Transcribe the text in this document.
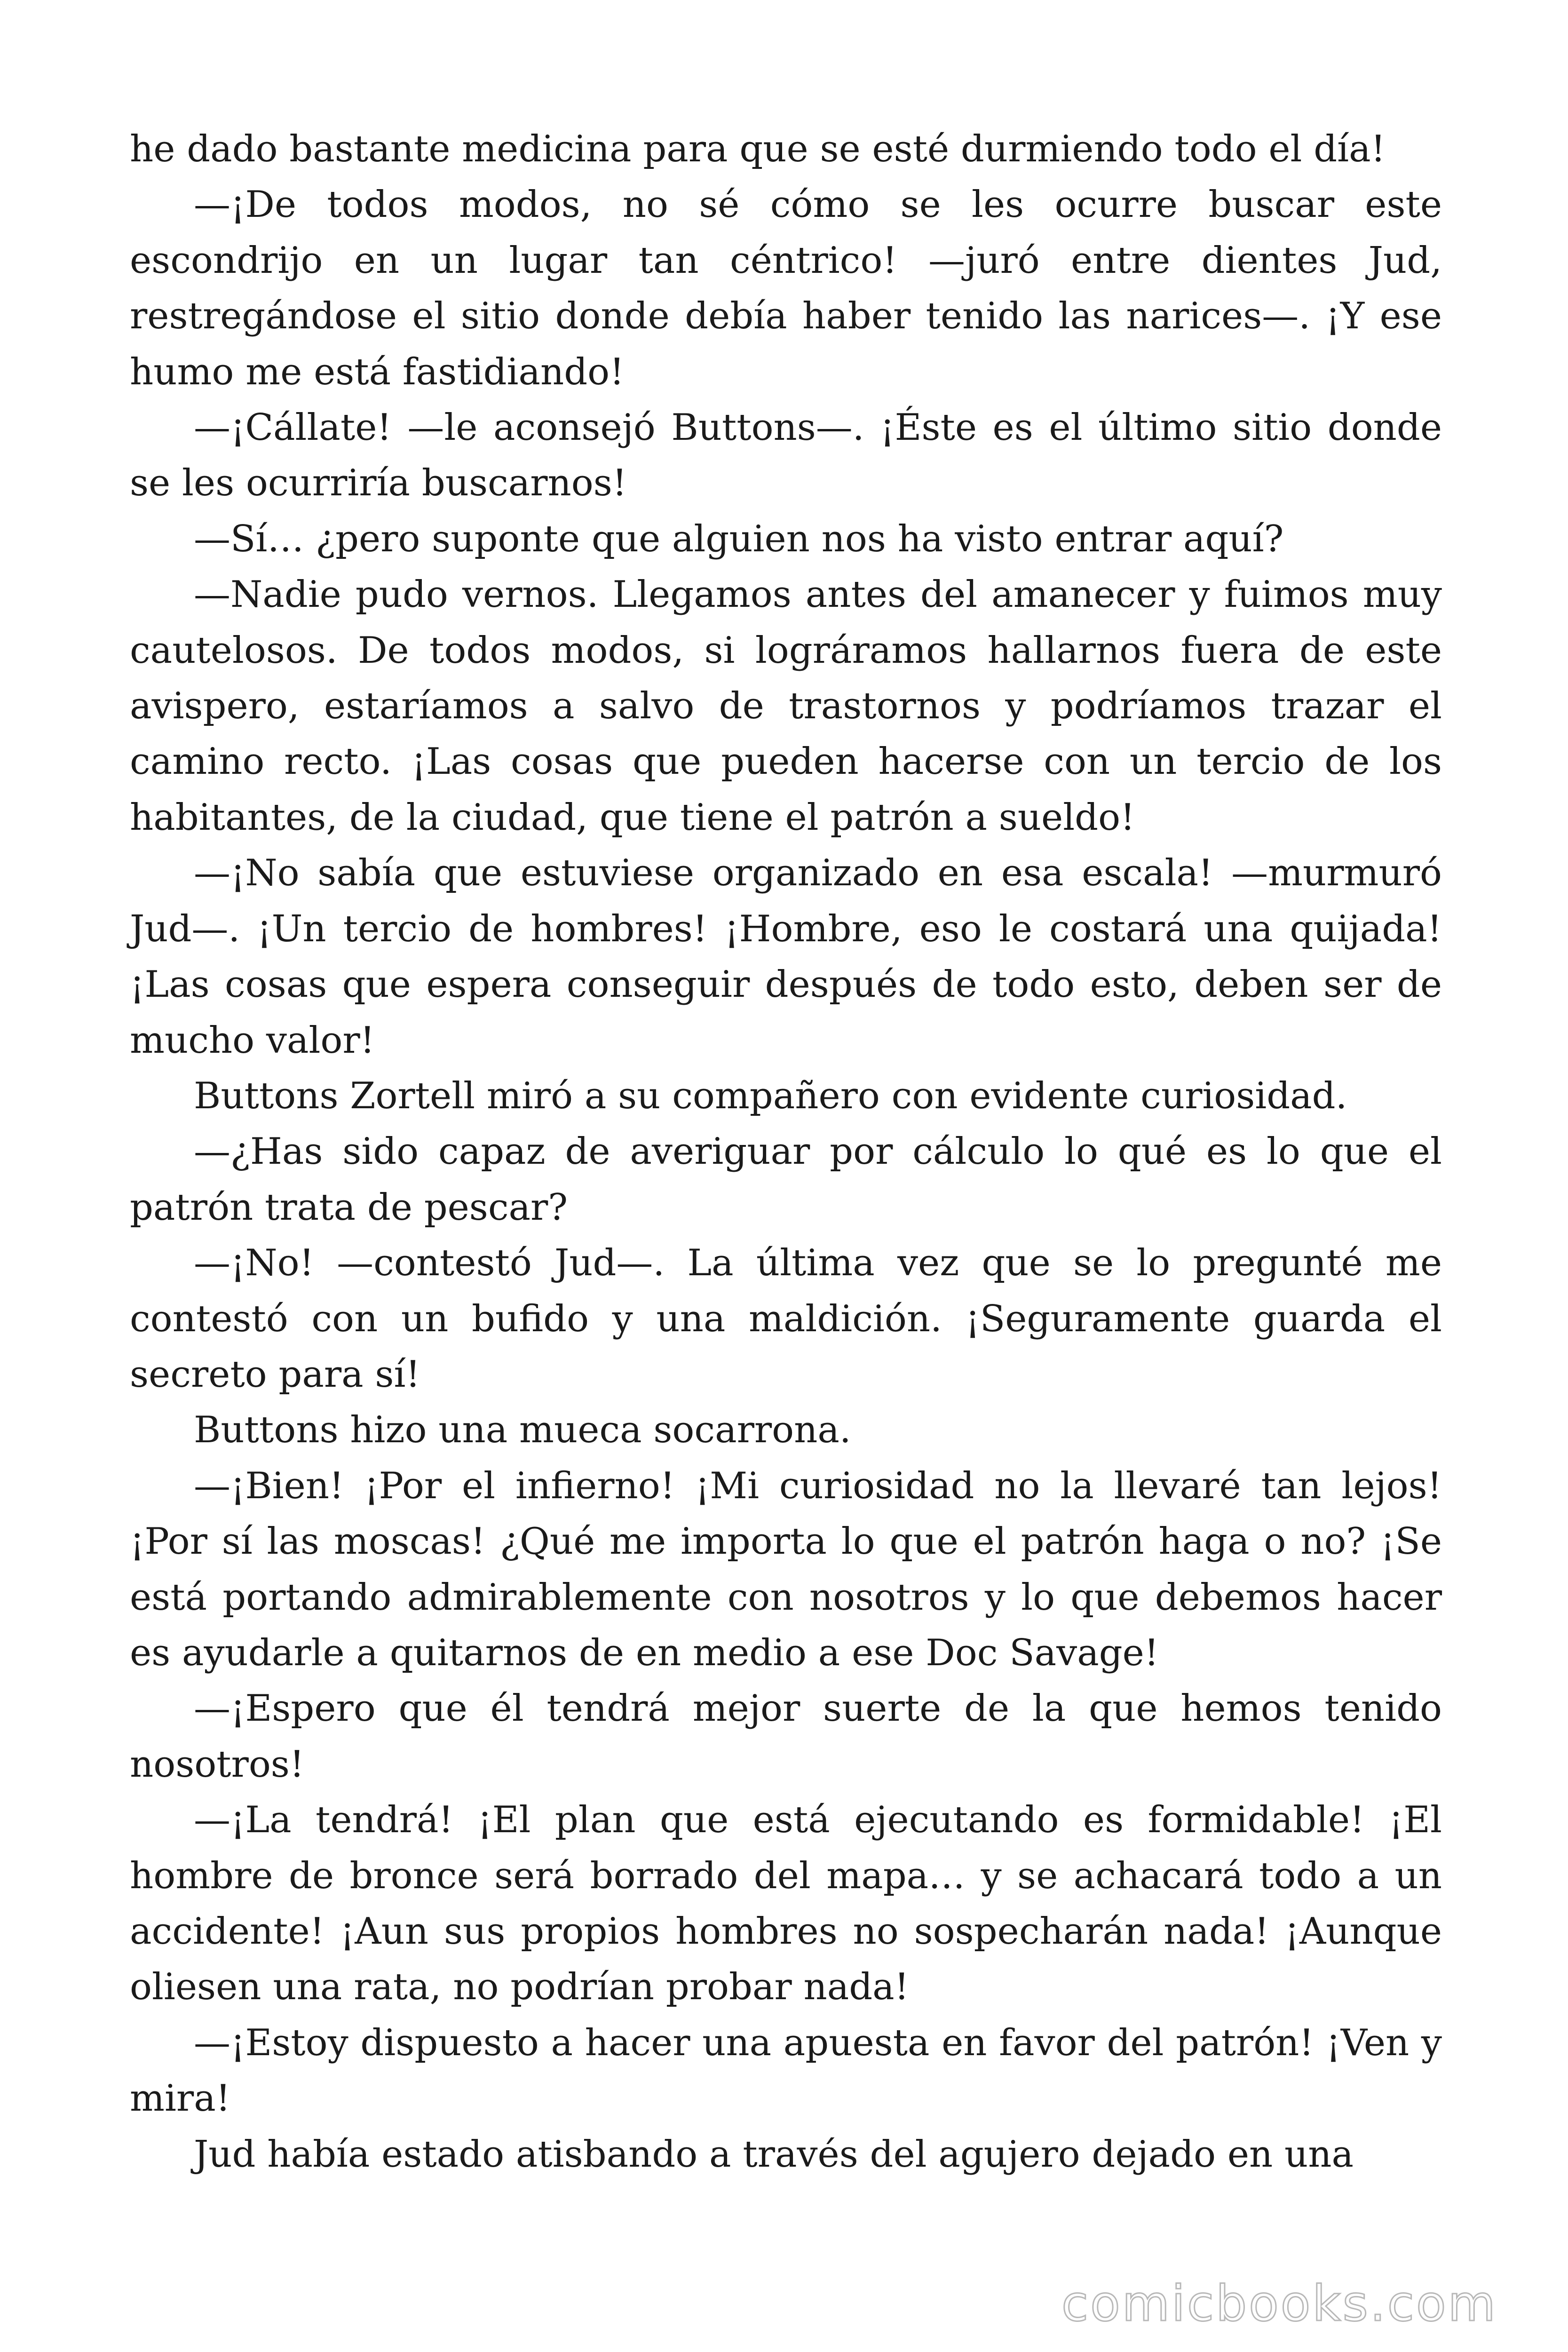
he dado bastante medicina para que se esté durmiendo todo el día!

—¡De todos modos, no sé cómo se les ocurre buscar este escondrijo en un lugar tan céntrico! —juró entre dientes Jud, restregándose el sitio donde debía haber tenido las narices—. ¡Y ese humo me está fastidiando!

—¡Cállate! —le aconsejó Buttons—. ¡Éste es el último sitio donde se les ocurriría buscarnos!

—Sí… ¿pero suponte que alguien nos ha visto entrar aquí?

—Nadie pudo vernos. Llegamos antes del amanecer y fuimos muy cautelosos. De todos modos, si lográramos hallarnos fuera de este avispero, estaríamos a salvo de trastornos y podríamos trazar el camino recto. ¡Las cosas que pueden hacerse con un tercio de los habitantes, de la ciudad, que tiene el patrón a sueldo!

—¡No sabía que estuviese organizado en esa escala! —murmuró Jud—. ¡Un tercio de hombres! ¡Hombre, eso le costará una quijada! ¡Las cosas que espera conseguir después de todo esto, deben ser de mucho valor!

Buttons Zortell miró a su compañero con evidente curiosidad.

—¿Has sido capaz de averiguar por cálculo lo qué es lo que el patrón trata de pescar?

—¡No! —contestó Jud—. La última vez que se lo pregunté me contestó con un bufido y una maldición. ¡Seguramente guarda el secreto para sí!

Buttons hizo una mueca socarrona.

—¡Bien! ¡Por el infierno! ¡Mi curiosidad no la llevaré tan lejos! ¡Por sí las moscas! ¿Qué me importa lo que el patrón haga o no? ¡Se está portando admirablemente con nosotros y lo que debemos hacer es ayudarle a quitarnos de en medio a ese Doc Savage!

—¡Espero que él tendrá mejor suerte de la que hemos tenido nosotros!

—¡La tendrá! ¡El plan que está ejecutando es formidable! ¡El hombre de bronce será borrado del mapa… y se achacará todo a un accidente! ¡Aun sus propios hombres no sospecharán nada! ¡Aunque oliesen una rata, no podrían probar nada!

—¡Estoy dispuesto a hacer una apuesta en favor del patrón! ¡Ven y mira!

Jud había estado atisbando a través del agujero dejado en una

comicbooks.com
